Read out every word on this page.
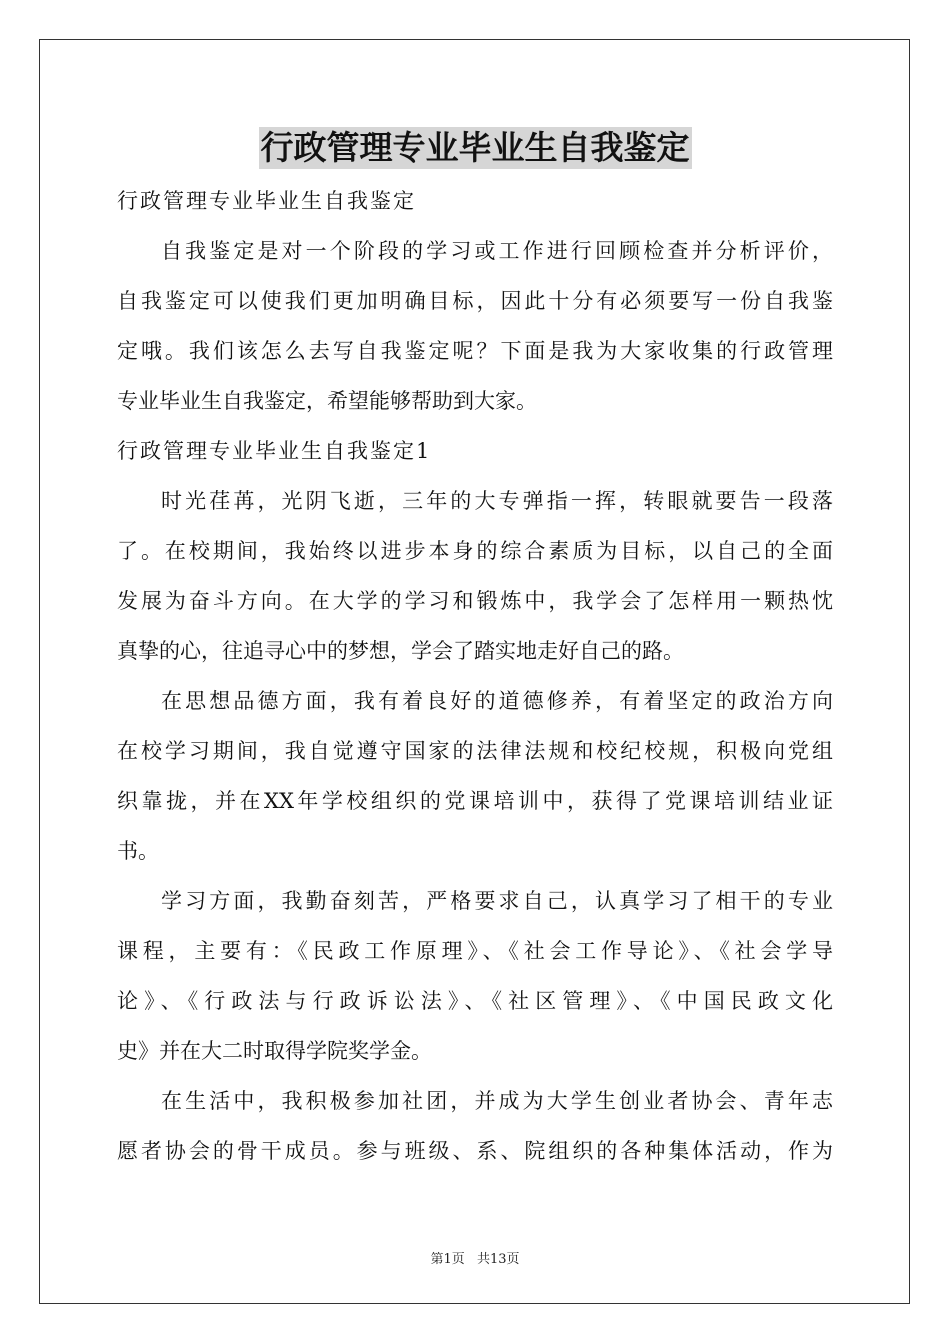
行政管理专业毕业生自我鉴定
行政管理专业毕业生自我鉴定
自我鉴定是对一个阶段的学习或工作进行回顾检查并分析评价，
自我鉴定可以使我们更加明确目标，因此十分有必须要写一份自我鉴
定哦。我们该怎么去写自我鉴定呢？下面是我为大家收集的行政管理
专业毕业生自我鉴定，希望能够帮助到大家。
行政管理专业毕业生自我鉴定1
时光荏苒，光阴飞逝，三年的大专弹指一挥，转眼就要告一段落
了。在校期间，我始终以进步本身的综合素质为目标，以自己的全面
发展为奋斗方向。在大学的学习和锻炼中，我学会了怎样用一颗热忱
真挚的心，往追寻心中的梦想，学会了踏实地走好自己的路。
在思想品德方面，我有着良好的道德修养，有着坚定的政治方向
在校学习期间，我自觉遵守国家的法律法规和校纪校规，积极向党组
织靠拢，并在XX年学校组织的党课培训中，获得了党课培训结业证
书。
学习方面，我勤奋刻苦，严格要求自己，认真学习了相干的专业
课程，主要有：《民政工作原理》、《社会工作导论》、《社会学导
论》、《行政法与行政诉讼法》、《社区管理》、《中国民政文化
史》并在大二时取得学院奖学金。
在生活中，我积极参加社团，并成为大学生创业者协会、青年志
愿者协会的骨干成员。参与班级、系、院组织的各种集体活动，作为
第1页 共13页
